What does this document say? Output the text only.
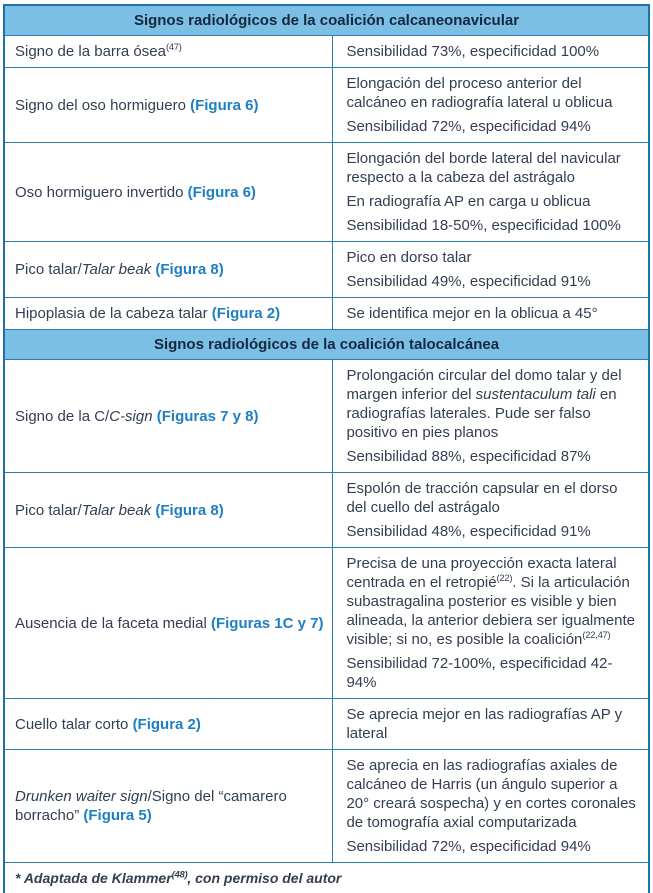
Signos radiológicos de la coalición calcaneonavicular	
Signo de la barra ósea$^{(47)}$	Sensibilidad 73%, especificidad 100%

Signo del oso hormiguero (Figura 6)	Elongación del proceso anterior del calcáneo en radiografía lateral u oblicua

Sensibilidad 72%, especificidad 94%

Oso hormiguero invertido (Figura 6)	Elongación del borde lateral del navicular respecto a la cabeza del astrágalo

En radiografía AP en carga u oblicua

Sensibilidad 18-50%, especificidad 100%

Pico talar/Talar beak (Figura 8)	Pico en dorso talar

Sensibilidad 49%, especificidad 91%

Hipoplasia de la cabeza talar (Figura 2)	Se identifica mejor en la oblicua a 45°

Signos radiológicos de la coalición talocalcánea	
Signo de la C/C-sign (Figuras 7 y 8)	Prolongación circular del domo talar y del margen inferior del sustentaculum tali en radiografías laterales. Pude ser falso positivo en pies planos

Sensibilidad 88%, especificidad 87%

Pico talar/Talar beak (Figura 8)	Espolón de tracción capsular en el dorso del cuello del astrágalo

Sensibilidad 48%, especificidad 91%

Ausencia de la faceta medial (Figuras 1C y 7)	Precisa de una proyección exacta lateral centrada en el retropié$^{(22)}$. Si la articulación subastragalina posterior es visible y bien alineada, la anterior debiera ser igualmente visible; si no, es posible la coalición$^{(22,47)}$

Sensibilidad 72-100%, especificidad 42-94%

Cuello talar corto (Figura 2)	Se aprecia mejor en las radiografías AP y lateral

Drunken waiter sign/Signo del “camarero borracho” (Figura 5)	Se aprecia en las radiografías axiales de calcáneo de Harris (un ángulo superior a 20° creará sospecha) y en cortes coronales de tomografía axial computarizada

Sensibilidad 72%, especificidad 94%

* Adaptada de Klammer$^{(48)}$, con permiso del autor	
